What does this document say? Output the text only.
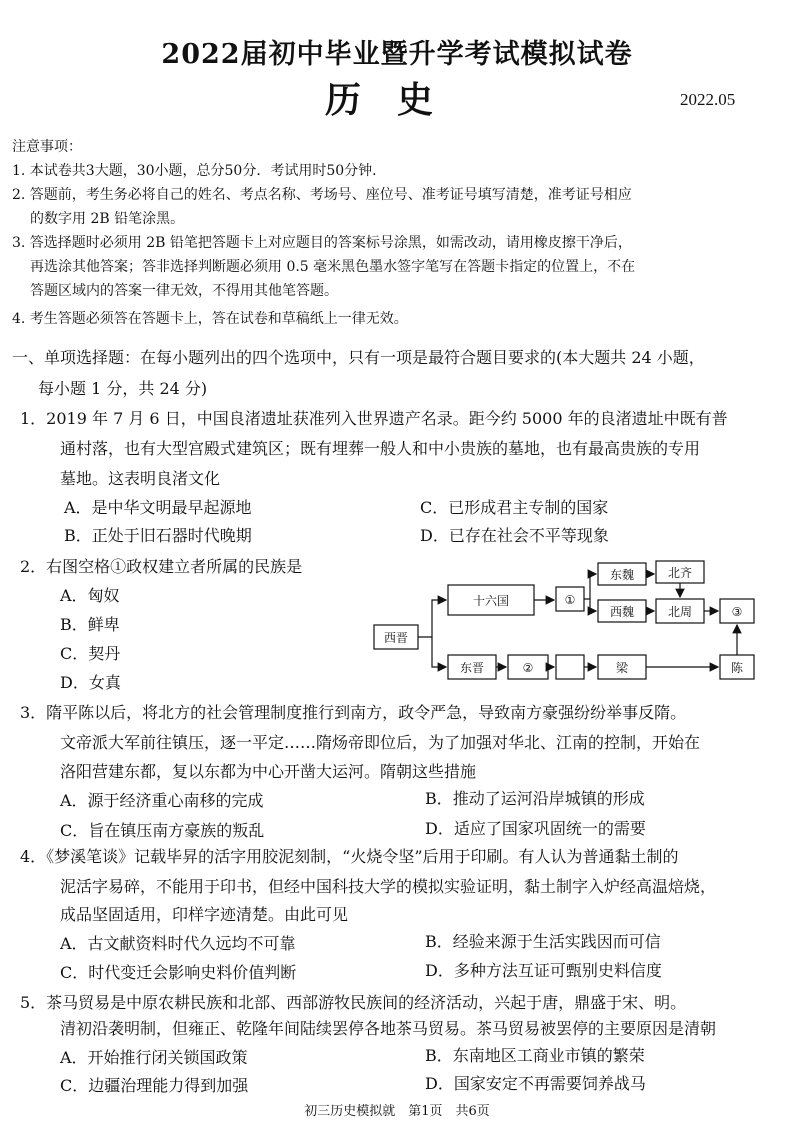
2022届初中毕业暨升学考试模拟试卷
历史	2022.05
注意事项：
1. 本试卷共3大题，30小题，总分50分．考试用时50分钟．
2. 答题前，考生务必将自己的姓名、考点名称、考场号、座位号、准考证号填写清楚，准考证号相应
的数字用 2B 铅笔涂黑。
3. 答选择题时必须用 2B 铅笔把答题卡上对应题目的答案标号涂黑，如需改动，请用橡皮擦干净后，
再选涂其他答案；答非选择判断题必须用 0.5 毫米黑色墨水签字笔写在答题卡指定的位置上，不在
答题区域内的答案一律无效，不得用其他笔答题。
4. 考生答题必须答在答题卡上，答在试卷和草稿纸上一律无效。
一、单项选择题：在每小题列出的四个选项中，只有一项是最符合题目要求的(本大题共 24 小题，
每小题 1 分，共 24 分)
1．2019 年 7 月 6 日，中国良渚遗址获准列入世界遗产名录。距今约 5000 年的良渚遗址中既有普
通村落，也有大型宫殿式建筑区；既有埋葬一般人和中小贵族的墓地，也有最高贵族的专用
墓地。这表明良渚文化
A．是中华文明最早起源地	C．已形成君主专制的国家
B．正处于旧石器时代晚期	D．已存在社会不平等现象
2．右图空格①政权建立者所属的民族是
A．匈奴
B．鲜卑
C．契丹
D．女真
西晋
十六国	①
东魏	北齐
西魏	北周	③
东晋	②	梁	陈
3．隋平陈以后，将北方的社会管理制度推行到南方，政令严急，导致南方豪强纷纷举事反隋。
文帝派大军前往镇压，逐一平定……隋炀帝即位后，为了加强对华北、江南的控制，开始在
洛阳营建东都，复以东都为中心开凿大运河。隋朝这些措施
A．源于经济重心南移的完成	B．推动了运河沿岸城镇的形成
C．旨在镇压南方豪族的叛乱	D．适应了国家巩固统一的需要
4．《梦溪笔谈》记载毕昇的活字用胶泥刻制，“火烧令坚”后用于印刷。有人认为普通黏土制的
泥活字易碎，不能用于印书，但经中国科技大学的模拟实验证明，黏土制字入炉经高温焙烧，
成品坚固适用，印样字迹清楚。由此可见
A．古文献资料时代久远均不可靠	B．经验来源于生活实践因而可信
C．时代变迁会影响史料价值判断	D．多种方法互证可甄别史料信度
5．茶马贸易是中原农耕民族和北部、西部游牧民族间的经济活动，兴起于唐，鼎盛于宋、明。
清初沿袭明制，但雍正、乾隆年间陆续罢停各地茶马贸易。茶马贸易被罢停的主要原因是清朝
A．开始推行闭关锁国政策	B．东南地区工商业市镇的繁荣
C．边疆治理能力得到加强	D．国家安定不再需要饲养战马
初三历史模拟就　第1页　共6页
